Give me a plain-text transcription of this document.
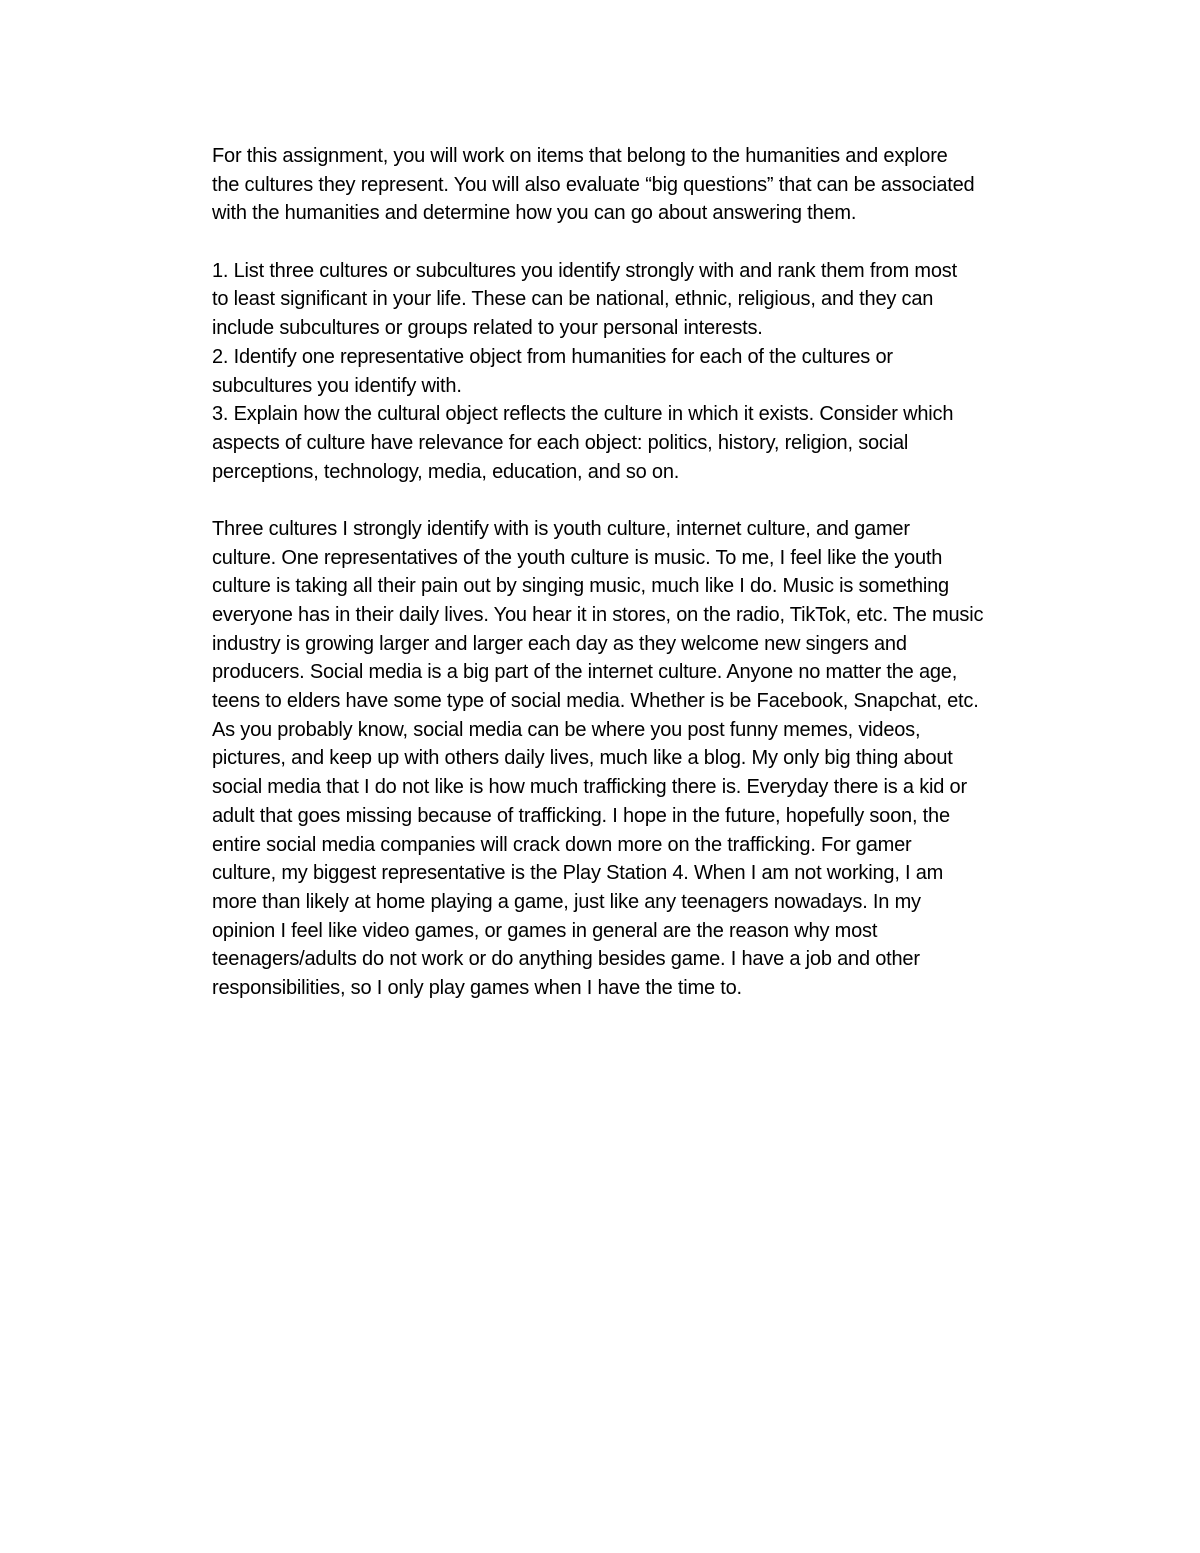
For this assignment, you will work on items that belong to the humanities and explore
the cultures they represent. You will also evaluate “big questions” that can be associated
with the humanities and determine how you can go about answering them.
1. List three cultures or subcultures you identify strongly with and rank them from most
to least significant in your life. These can be national, ethnic, religious, and they can
include subcultures or groups related to your personal interests.
2. Identify one representative object from humanities for each of the cultures or
subcultures you identify with.
3. Explain how the cultural object reflects the culture in which it exists. Consider which
aspects of culture have relevance for each object: politics, history, religion, social
perceptions, technology, media, education, and so on.
Three cultures I strongly identify with is youth culture, internet culture, and gamer
culture. One representatives of the youth culture is music. To me, I feel like the youth
culture is taking all their pain out by singing music, much like I do. Music is something
everyone has in their daily lives. You hear it in stores, on the radio, TikTok, etc. The music
industry is growing larger and larger each day as they welcome new singers and
producers. Social media is a big part of the internet culture. Anyone no matter the age,
teens to elders have some type of social media. Whether is be Facebook, Snapchat, etc.
As you probably know, social media can be where you post funny memes, videos,
pictures, and keep up with others daily lives, much like a blog. My only big thing about
social media that I do not like is how much trafficking there is. Everyday there is a kid or
adult that goes missing because of trafficking. I hope in the future, hopefully soon, the
entire social media companies will crack down more on the trafficking. For gamer
culture, my biggest representative is the Play Station 4. When I am not working, I am
more than likely at home playing a game, just like any teenagers nowadays. In my
opinion I feel like video games, or games in general are the reason why most
teenagers/adults do not work or do anything besides game. I have a job and other
responsibilities, so I only play games when I have the time to.
